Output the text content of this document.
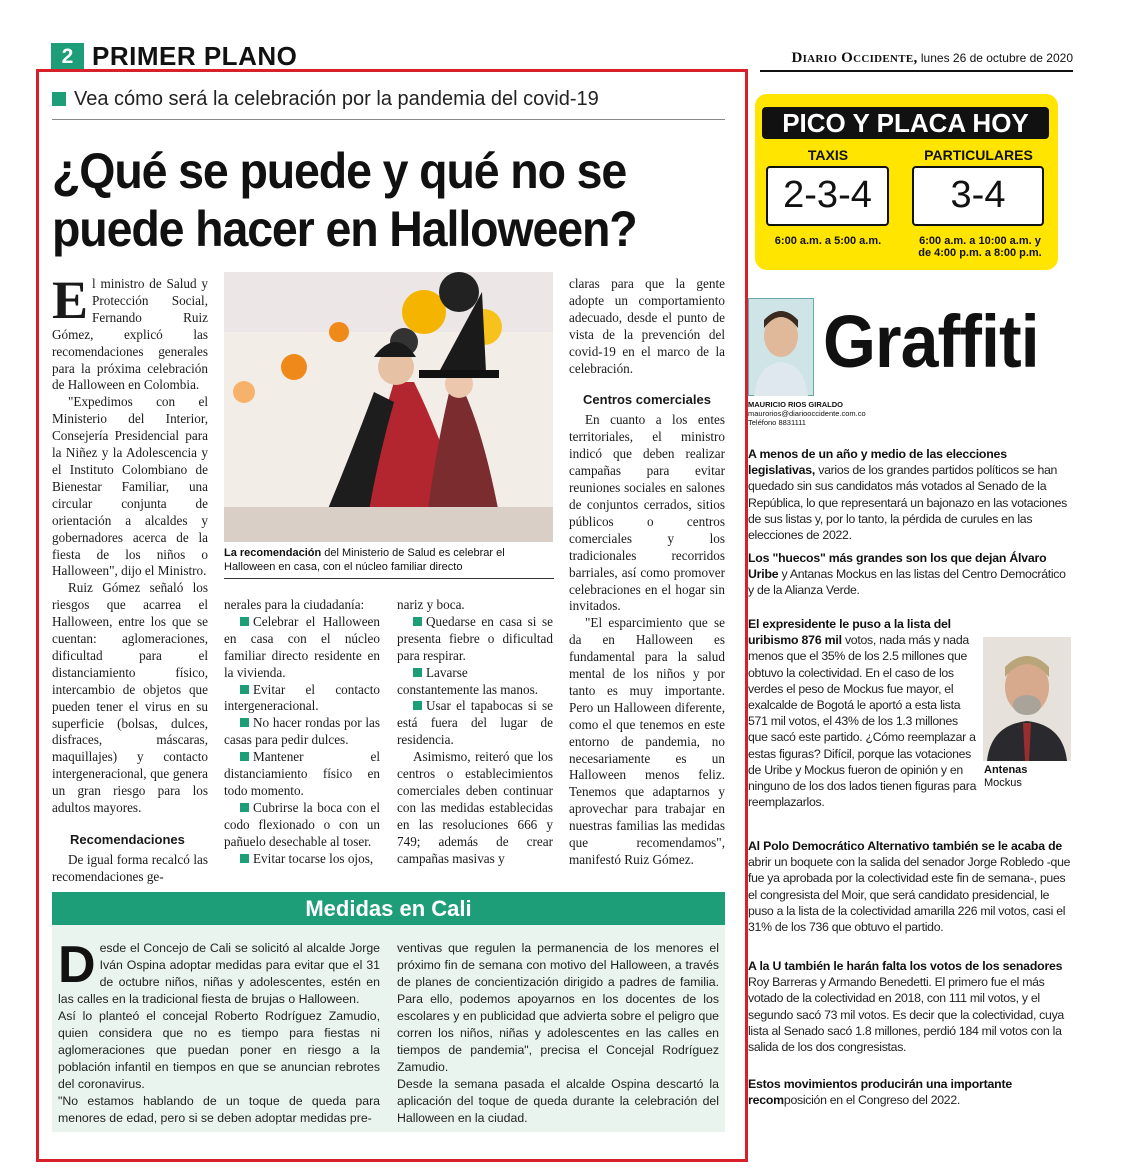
2 PRIMER PLANO	Diario Occidente, lunes 26 de octubre de 2020
Vea cómo será la celebración por la pandemia del covid-19
¿Qué se puede y qué no se
puede hacer en Halloween?

El ministro de Salud y Protección Social, Fernando Ruiz Gómez, explicó las recomendaciones generales para la próxima celebración de Halloween en Colombia.

"Expedimos con el Ministerio del Interior, Consejería Presidencial para la Niñez y la Adolescencia y el Instituto Colombiano de Bienestar Familiar, una circular conjunta de orientación a alcaldes y gobernadores acerca de la fiesta de los niños o Halloween", dijo el Ministro.

Ruiz Gómez señaló los riesgos que acarrea el Halloween, entre los que se cuentan: aglomeraciones, dificultad para el distanciamiento físico, intercambio de objetos que pueden tener el virus en su superficie (bolsas, dulces, disfraces, máscaras, maquillajes) y contacto intergeneracional, que genera un gran riesgo para los adultos mayores.

Recomendaciones

De igual forma recalcó las recomendaciones ge-

La recomendación del Ministerio de Salud es celebrar el Halloween en casa, con el núcleo familiar directo

nerales para la ciudadanía:

Celebrar el Halloween en casa con el núcleo familiar directo residente en la vivienda.

Evitar el contacto intergeneracional.

No hacer rondas por las casas para pedir dulces.

Mantener el distanciamiento físico en todo momento.

Cubrirse la boca con el codo flexionado o con un pañuelo desechable al toser.

Evitar tocarse los ojos,

nariz y boca.

Quedarse en casa si se presenta fiebre o dificultad para respirar.

Lavarse constantemente las manos.

Usar el tapabocas si se está fuera del lugar de residencia.

Asimismo, reiteró que los centros o establecimientos comerciales deben continuar con las medidas establecidas en las resoluciones 666 y 749; además de crear campañas masivas y

claras para que la gente adopte un comportamiento adecuado, desde el punto de vista de la prevención del covid-19 en el marco de la celebración.

Centros comerciales

En cuanto a los entes territoriales, el ministro indicó que deben realizar campañas para evitar reuniones sociales en salones de conjuntos cerrados, sitios públicos o centros comerciales y los tradicionales recorridos barriales, así como promover celebraciones en el hogar sin invitados.

"El esparcimiento que se da en Halloween es fundamental para la salud mental de los niños y por tanto es muy importante. Pero un Halloween diferente, como el que tenemos en este entorno de pandemia, no necesariamente es un Halloween menos feliz. Tenemos que adaptarnos y aprovechar para trabajar en nuestras familias las medidas que recomendamos", manifestó Ruiz Gómez.

Medidas en Cali

Desde el Concejo de Cali se solicitó al alcalde Jorge Iván Ospina adoptar medidas para evitar que el 31 de octubre niños, niñas y adolescentes, estén en las calles en la tradicional fiesta de brujas o Halloween.

Así lo planteó el concejal Roberto Rodríguez Zamudio, quien considera que no es tiempo para fiestas ni aglomeraciones que puedan poner en riesgo a la población infantil en tiempos en que se anuncian rebrotes del coronavirus.

"No estamos hablando de un toque de queda para menores de edad, pero si se deben adoptar medidas pre-

ventivas que regulen la permanencia de los menores el próximo fin de semana con motivo del Halloween, a través de planes de concientización dirigido a padres de familia. Para ello, podemos apoyarnos en los docentes de los escolares y en publicidad que advierta sobre el peligro que corren los niños, niñas y adolescentes en las calles en tiempos de pandemia", precisa el Concejal Rodríguez Zamudio.

Desde la semana pasada el alcalde Ospina descartó la aplicación del toque de queda durante la celebración del Halloween en la ciudad.

PICO Y PLACA HOY
TAXIS	PARTICULARES
2-3-4	3-4
6:00 a.m. a 5:00 a.m.	6:00 a.m. a 10:00 a.m. y
de 4:00 p.m. a 8:00 p.m.
Graffiti
MAURICIO RIOS GIRALDO
maurorios@diariooccidente.com.co
Teléfono 8831111
A menos de un año y medio de las elecciones legislativas, varios de los grandes partidos políticos se han quedado sin sus candidatos más votados al Senado de la República, lo que representará un bajonazo en las votaciones de sus listas y, por lo tanto, la pérdida de curules en las elecciones de 2022.
Los "huecos" más grandes son los que dejan Álvaro Uribe y Antanas Mockus en las listas del Centro Democrático y de la Alianza Verde.
El expresidente le puso a la lista del uribismo 876 mil votos, nada más y nada menos que el 35% de los 2.5 millones que obtuvo la colectividad. En el caso de los verdes el peso de Mockus fue mayor, el exalcalde de Bogotá le aportó a esta lista 571 mil votos, el 43% de los 1.3 millones que sacó este partido. ¿Cómo reemplazar a estas figuras? Difícil, porque las votaciones de Uribe y Mockus fueron de opinión y en ninguno de los dos lados tienen figuras para reemplazarlos.
Antenas
Mockus
Al Polo Democrático Alternativo también se le acaba de abrir un boquete con la salida del senador Jorge Robledo -que fue ya aprobada por la colectividad este fin de semana-, pues el congresista del Moir, que será candidato presidencial, le puso a la lista de la colectividad amarilla 226 mil votos, casi el 31% de los 736 que obtuvo el partido.
A la U también le harán falta los votos de los senadores Roy Barreras y Armando Benedetti. El primero fue el más votado de la colectividad en 2018, con 111 mil votos, y el segundo sacó 73 mil votos. Es decir que la colectividad, cuya lista al Senado sacó 1.8 millones, perdió 184 mil votos con la salida de los dos congresistas.
Estos movimientos producirán una importante recomposición en el Congreso del 2022.
